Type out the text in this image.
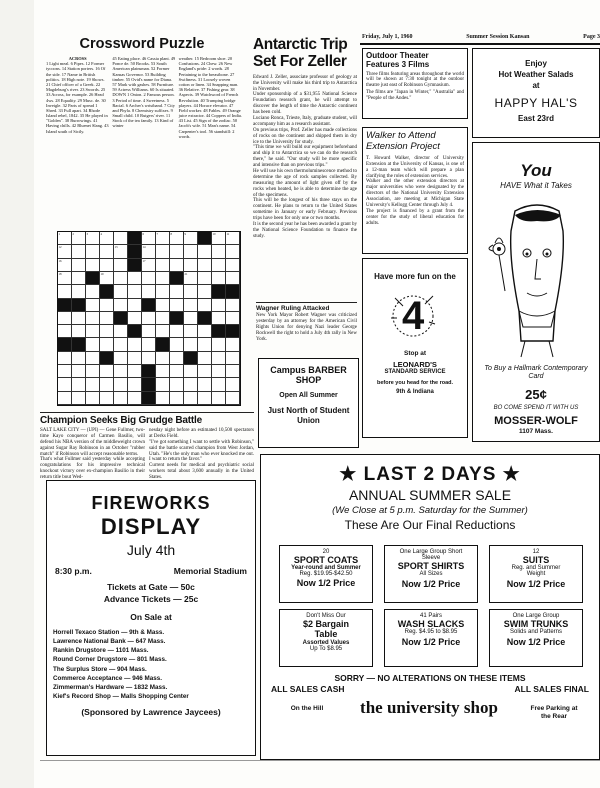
Friday, July 1, 1960	Summer Session Kansan	Page 3
Crossword Puzzle
ACROSS
1 Light meal. 6 Pipes. 12 Former tycoons. 14 Station porters. 16 Of the side. 17 Name in British politics. 18 High note. 19 Shows. 21 Chief officer of a Greek. 22 Magdeburg's river. 23 Swords. 25 33 Across, for example. 26 Head 4ws. 28 Equality. 29 Musc. de. 30 Inveigle. 32 Parts of spread 1 Shred. 33 Full apart. 34 Rhode Island rebel, 1842. 35 He played in "Golden". 38 Burrowings. 41 Having chills. 42 Bluenet Slang. 43 Island south of Sicily.
45 Eating place. 46 Cassia plant. 49 Ponce de. 50 Brooks. 53 South American plainsman. 52 Former Kansas Governor. 53 Building timber. 55 Ovid's name for Diana. 57 Mark with gashes. 58 Furniture. 59 Actress Williams. 60 Is situated. DOWN 1 Onion. 2 Famous person. 3 Period of time. 4 Sweetness. 5 Racial. 6 Archer's wristband. 7 City and Phyla. 8 Chemistry suffixes. 9 Small child. 10 Rutgers' river. 11 Stock of the tea family. 13 Kind of winter
weather. 15 Bedroom shoe. 20 Confusions. 24 Chew. 26 New England's pride: 2 words. 28 Pertaining to the breastbone. 27 Swiftness. 31 Loosely woven cotton or linen. 34 Snapping man. 36 Relative. 37 Fishing gear. 38 Aspects. 39 Watchword of French Revolution. 40 Trumping bridge players. 44 Horace elevator. 47 Field worker. 48 Fables. 49 Orange juice extractor. 44 Coppers of India. 43 List. 45 Sign of the zodiac. 50 Jacob's wife. 51 Man's name. 54 Carpenter's tool. 56 standstill: 2 words.
1	2	3	4	6	7	8	9	10	11
12	13	14
16	17
18	19	21
Antarctic Trip Set For Zeller

Edward J. Zeller, associate professor of geology at the University will make his third trip to Antarctica in November.

Under sponsorship of a $31,955 National Science Foundation research grant, he will attempt to discover the length of time the Antarctic continent has been cold.

Luciano Ronca, Trieste, Italy, graduate student, will accompany him as a research assistant.

On previous trips, Prof. Zeller has made collections of rocks on the continent and shipped them in dry ice to the University for study.

"This time we will build our equipment beforehand and ship it to Antarctica so we can do the research there," he said. "Our study will be more specific and intensive than on previous trips."

He will use his own thermoluminescence method to determine the age of rock samples collected. By measuring the amount of light given off by the rocks when heated, he is able to determine the age of the specimens.

This will be the longest of his three stays on the continent. He plans to return to the United States sometime in January or early February. Previous trips have been for only one or two months.

It is the second year he has been awarded a grant by the National Science Foundation to finance the study.

Wagner Ruling Attacked
New York Mayor Robert Wagner was criticized yesterday by an attorney for the American Civil Rights Union for denying Nazi leader George Rockwell the right to hold a July 4th rally in New York.
Outdoor Theater Features 3 Films
Three films featuring areas throughout the world will be shown at 7:30 tonight at the outdoor theatre just east of Robinson Gymnasium.
The films are "Japan in Winter," "Australia" and "People of the Andes."
Walker to Attend Extension Project

T. Howard Walker, director of University Extension at the University of Kansas, is one of a 12-man team which will prepare a plan clarifying the roles of extension services.

Walker and the other extension directors at major universities who were designated by the directors of the National University Extension Association, are meeting at Michigan State University's Kellogg Center through July 4.

The project is financed by a grant from the center for the study of liberal education for adults.

Have more fun on the
4
Stop at
LEONARD'S
STANDARD SERVICE
before you head for the road.
9th & Indiana
Enjoy
Hot Weather Salads
at
HAPPY HAL'S
East 23rd
You
HAVE What it Takes
To Buy a Hallmark Contemporary Card
25¢
BO COME SPEND IT WITH US
MOSSER-WOLF
1107 Mass.
Champion Seeks Big Grudge Battle

SALT LAKE CITY — (UPI) — Gene Fullmer, two-time Kayo conqueror of Carmen Basilio, will defend his NBA version of the middleweight crown against Sugar Ray Robinson in an October "rubber match" if Robinson will accept reasonable terms.

That's what Fullmer said yesterday while accepting congratulations for his impressive technical knockout victory over ex-champion Basilio in their return title bout Wed-

nesday night before an estimated 10,500 spectators at Derks Field.

"I've got something I want to settle with Robinson," said the battle scarred champion from West Jordan, Utah. "He's the only man who ever knocked me out. I want to return the favor."

Current needs for medical and psychiatric social workers total about 3,600 annually in the United States.

Campus BARBER SHOP
Open All Summer
Just North of Student Union
FIREWORKS
DISPLAY
July 4th
8:30 p.m.	Memorial Stadium
Tickets at Gate — 50c
Advance Tickets — 25c
On Sale at
Horrell Texaco Station — 9th & Mass.
Lawrence National Bank — 647 Mass.
Rankin Drugstore — 1101 Mass.
Round Corner Drugstore — 801 Mass.
The Surplus Store — 904 Mass.
Commerce Acceptance — 946 Mass.
Zimmerman's Hardware — 1832 Mass.
Kief's Record Shop — Malls Shopping Center
(Sponsored by Lawrence Jaycees)
★ LAST 2 DAYS ★
ANNUAL SUMMER SALE
(We Close at 5 p.m. Saturday for the Summer)
These Are Our Final Reductions
20
SPORT COATS
Year-round and Summer
Reg. $19.95-$42.50
Now 1/2 Price
One Large Group Short Sleeve
SPORT SHIRTS
All Sizes
Now 1/2 Price
12
SUITS
Reg. and Summer Weight
Now 1/2 Price
Don't Miss Our
$2 Bargain Table
Assorted Values
Up To $8.95
41 Pairs
WASH SLACKS
Reg. $4.95 to $8.95
Now 1/2 Price
One Large Group
SWIM TRUNKS
Solids and Patterns
Now 1/2 Price
SORRY — NO ALTERATIONS ON THESE ITEMS
ALL SALES CASH	ALL SALES FINAL
On the Hill	the university shop	Free Parking at the Rear
